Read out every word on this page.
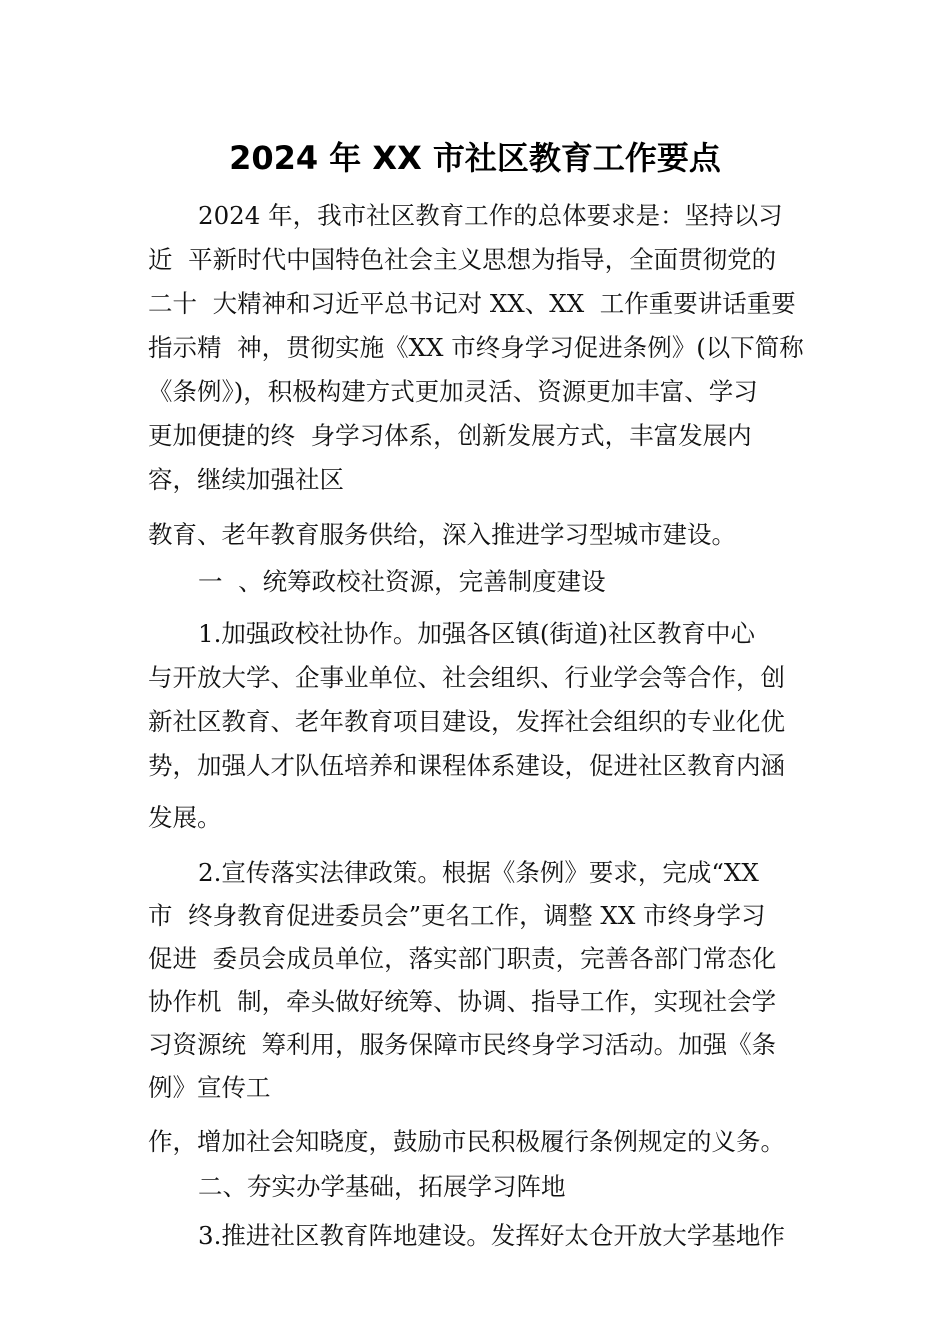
2024 年 XX 市社区教育工作要点

2024 年，我市社区教育工作的总体要求是：坚持以习

近  平新时代中国特色社会主义思想为指导，全面贯彻党的

二十  大精神和习近平总书记对 XX、XX  工作重要讲话重要

指示精  神，贯彻实施《XX 市终身学习促进条例》(以下简称

《条例》)，积极构建方式更加灵活、资源更加丰富、学习

更加便捷的终  身学习体系，创新发展方式，丰富发展内

容，继续加强社区

教育、老年教育服务供给，深入推进学习型城市建设。

一  、统筹政校社资源，完善制度建设

1.加强政校社协作。加强各区镇(街道)社区教育中心

与开放大学、企事业单位、社会组织、行业学会等合作，创

新社区教育、老年教育项目建设，发挥社会组织的专业化优

势，加强人才队伍培养和课程体系建设，促进社区教育内涵

发展。

2.宣传落实法律政策。根据《条例》要求，完成“XX

市  终身教育促进委员会”更名工作，调整 XX 市终身学习

促进  委员会成员单位，落实部门职责，完善各部门常态化

协作机  制，牵头做好统筹、协调、指导工作，实现社会学

习资源统  筹利用，服务保障市民终身学习活动。加强《条

例》宣传工

作，增加社会知晓度，鼓励市民积极履行条例规定的义务。

二、夯实办学基础，拓展学习阵地

3.推进社区教育阵地建设。发挥好太仓开放大学基地作
